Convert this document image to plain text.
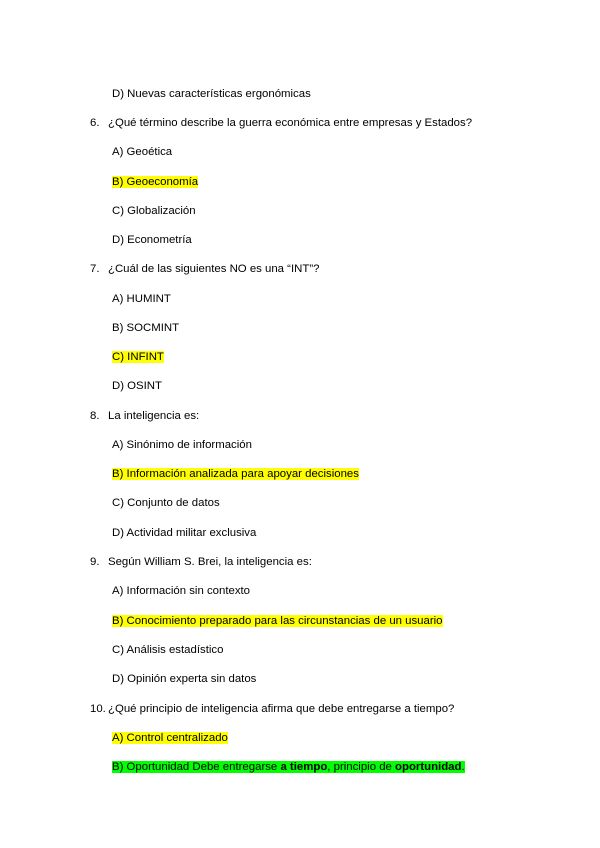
D) Nuevas características ergonómicas
6. ¿Qué término describe la guerra económica entre empresas y Estados?
A) Geoética
B) Geoeconomía
C) Globalización
D) Econometría
7. ¿Cuál de las siguientes NO es una “INT”?
A) HUMINT
B) SOCMINT
C) INFINT
D) OSINT
8. La inteligencia es:
A) Sinónimo de información
B) Información analizada para apoyar decisiones
C) Conjunto de datos
D) Actividad militar exclusiva
9. Según William S. Brei, la inteligencia es:
A) Información sin contexto
B) Conocimiento preparado para las circunstancias de un usuario
C) Análisis estadístico
D) Opinión experta sin datos
10. ¿Qué principio de inteligencia afirma que debe entregarse a tiempo?
A) Control centralizado
B) Oportunidad Debe entregarse a tiempo, principio de oportunidad.
